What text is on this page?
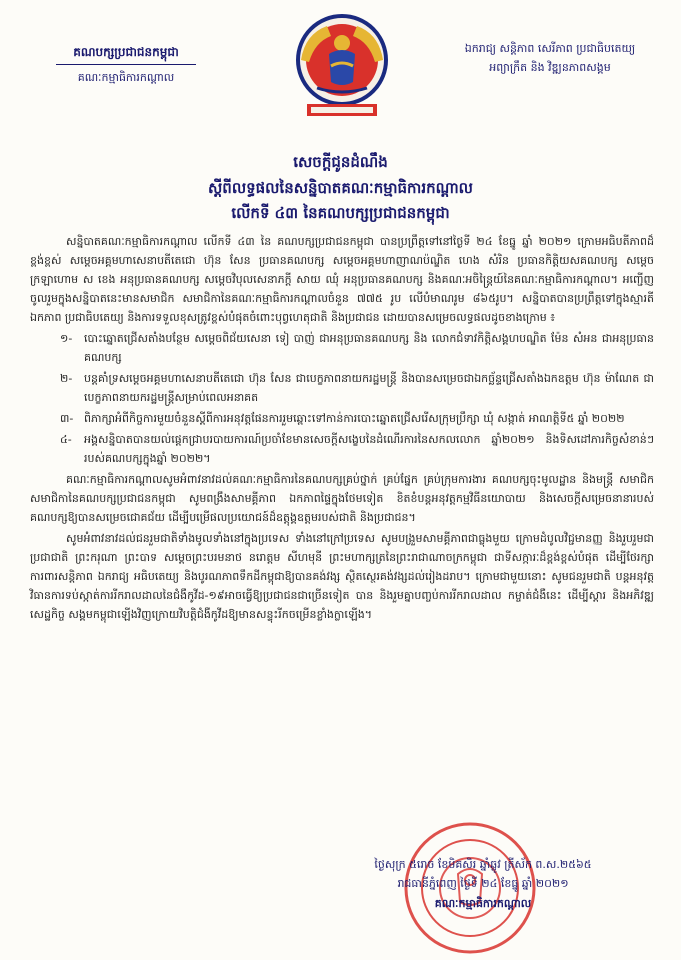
គណបក្សប្រជាជនកម្ពុជា
គណៈកម្មាធិការកណ្តាល
ឯករាជ្យ សន្តិភាព សេរីភាព ប្រជាធិបតេយ្យ
អព្យាក្រឹត និង វិឌ្ឍនភាពសង្គម
សេចក្តីជូនដំណឹង
ស្តីពីលទ្ធផលនៃសន្និបាតគណៈកម្មាធិការកណ្តាល
លើកទី ៤៣ នៃគណបក្សប្រជាជនកម្ពុជា

សន្និបាតគណៈកម្មាធិការកណ្តាល លើកទី ៤៣ នៃ គណបក្សប្រជាជនកម្ពុជា បានប្រព្រឹត្តទៅនៅថ្ងៃទី ២៤ ខែធ្នូ ឆ្នាំ ២០២១ ក្រោមអធិបតីភាពដ៏ខ្ពង់ខ្ពស់ សម្តេចអគ្គមហាសេនាបតីតេជោ ហ៊ុន សែន ប្រធានគណបក្ស សម្តេចអគ្គមហាញាណប៉ណ្ឌិត ហេង សំរិន ប្រធានកិត្តិយសគណបក្ស សម្តេចក្រឡាហោម ស ខេង អនុប្រធានគណបក្ស សម្តេចវិបុលសេនាភក្តី សាយ ឈុំ អនុប្រធានគណបក្ស និងគណៈអចិន្ត្រៃយ៍នៃគណៈកម្មាធិការកណ្តាល។ អញ្ជើញចូលរួមក្នុងសន្និបាតនេះមានសមាជិក សមាជិកានៃគណៈកម្មាធិការកណ្តាលចំនួន ៧៧៥ រូប លើបំមាណរូម ៨៦៥រូប។ សន្និបាតបានប្រព្រឹត្តទៅក្នុងស្មារតីឯកភាព ប្រជាធិបតេយ្យ និងការទទួលខុសត្រូវខ្ពស់បំផុតចំពោះបុព្វហេតុជាតិ និងប្រជាជន ដោយបានសម្រេចលទ្ធផលដូចខាងក្រោម ៖

១-	បោះឆ្នោតជ្រើសតាំងបន្ថែម សម្តេចពិជ័យសេនា ទៀ បាញ់ ជាអនុប្រធានគណបក្ស និង លោកជំទាវកិត្តិសង្គហបណ្ឌិត ម៉ែន សំអន ជាអនុប្រធានគណបក្ស
២-	បន្តគាំទ្រសម្តេចអគ្គមហាសេនាបតីតេជោ ហ៊ុន សែន ជាបេក្ខភាពនាយករដ្ឋមន្ត្រី និងបានសម្រេចជាឯកច្ឆ័ន្ទជ្រើសតាំងឯកឧត្តម ហ៊ុន ម៉ាណែត ជាបេក្ខភាពនាយករដ្ឋមន្ត្រីសម្រាប់ពេលអនាគត
៣- ពិភាក្សាអំពីកិច្ចការមួយចំនួនស្តីពីការអនុវត្តផែនការរួមឆ្ពោះទៅកាន់ការបោះឆ្នោតជ្រើសរើសក្រុមប្រឹក្សា ឃុំ សង្កាត់ អាណត្តិទី៥ ឆ្នាំ ២០២២
៤-	អង្គសន្និបាតបានយល់ផ្តេកជ្រាបរបាយការណ៍ប្រចាំខែមានសេចក្តីសង្ខេបនៃដំណើរការនៃសកលលោក ឆ្នាំ២០២១ និងទិសដៅភារកិច្ចសំខាន់ៗរបស់គណបក្សក្នុងឆ្នាំ ២០២២។

គណៈកម្មាធិការកណ្តាលសូមអំពាវនាវដល់គណៈកម្មាធិការនៃគណបក្សគ្រប់ថ្នាក់ គ្រប់ផ្នែក គ្រប់ក្រុមការងារ គណបក្សចុះមូលដ្ឋាន និងមន្ត្រី សមាជិក សមាជិកានៃគណបក្សប្រជាជនកម្ពុជា សូមពង្រឹងសាមគ្គីភាព ឯកភាពផ្ទៃក្នុងថែមទៀត ខិតខំបន្តអនុវត្តកម្មវិធីនយោបាយ និងសេចក្តីសម្រេចនានារបស់គណបក្សឱ្យបានសម្រេចជោគជ័យ ដើម្បីបម្រើផលប្រយោជន៍ដ៏ឧត្តុង្គឧត្តមរបស់ជាតិ និងប្រជាជន។

សូមអំពាវនាវដល់ជនរួមជាតិទាំងមូលទាំងនៅក្នុងប្រទេស ទាំងនៅក្រៅប្រទេស សូមបង្រួមសាមគ្គីភាពជាធ្លុងមួយ ក្រោមដំបូលវិជ្ជមានញ្ញ និងរួបរួមជាប្រជាជាតិ ព្រះករុណា ព្រះបាទ សម្តេចព្រះបរមនាថ នរោត្តម សីហមុនី ព្រះមហាក្សត្រនៃព្រះរាជាណាចក្រកម្ពុជា ជាទីសក្ការៈដ៏ខ្ពង់ខ្ពស់បំផុត ដើម្បីថែរក្សាការពារសន្តិភាព ឯករាជ្យ អធិបតេយ្យ និងបូរណភាពទឹកដីកម្ពុជាឱ្យបានគង់វង្ស ស្ថិតស្ថេរគង់វង្សដល់រៀងដរាប។ ក្រោមជាមួយនោះ សូមជនរួមជាតិ បន្តអនុវត្តវិធានការទប់ស្កាត់ការរីករាលដាលនៃជំងឺកូវីដ-១៩អាចធ្វើឱ្យប្រជាជនជាច្រើនទៀត បាន និងរួមគ្នាបញ្ចប់ការរីករាលដាល កម្ចាត់ជំងឺនេះ ដើម្បីស្តារ និងអភិវឌ្ឍសេដ្ឋកិច្ច សង្គមកម្ពុជាឡើងវិញក្រោយវិបត្តិជំងឺកូវីដឱ្យមានសន្ទុះរីកចម្រើនខ្លាំងក្លាឡើង។

ថ្ងៃសុក្រ ៥រោច ខែមិគសិរ ឆ្នាំឆ្លូវ ត្រីស័ក ព.ស.២៥៦៥
រាជធានីភ្នំពេញ ថ្ងៃទី ២៤ ខែធ្នូ ឆ្នាំ ២០២១
គណៈកម្មាធិការកណ្តាល
